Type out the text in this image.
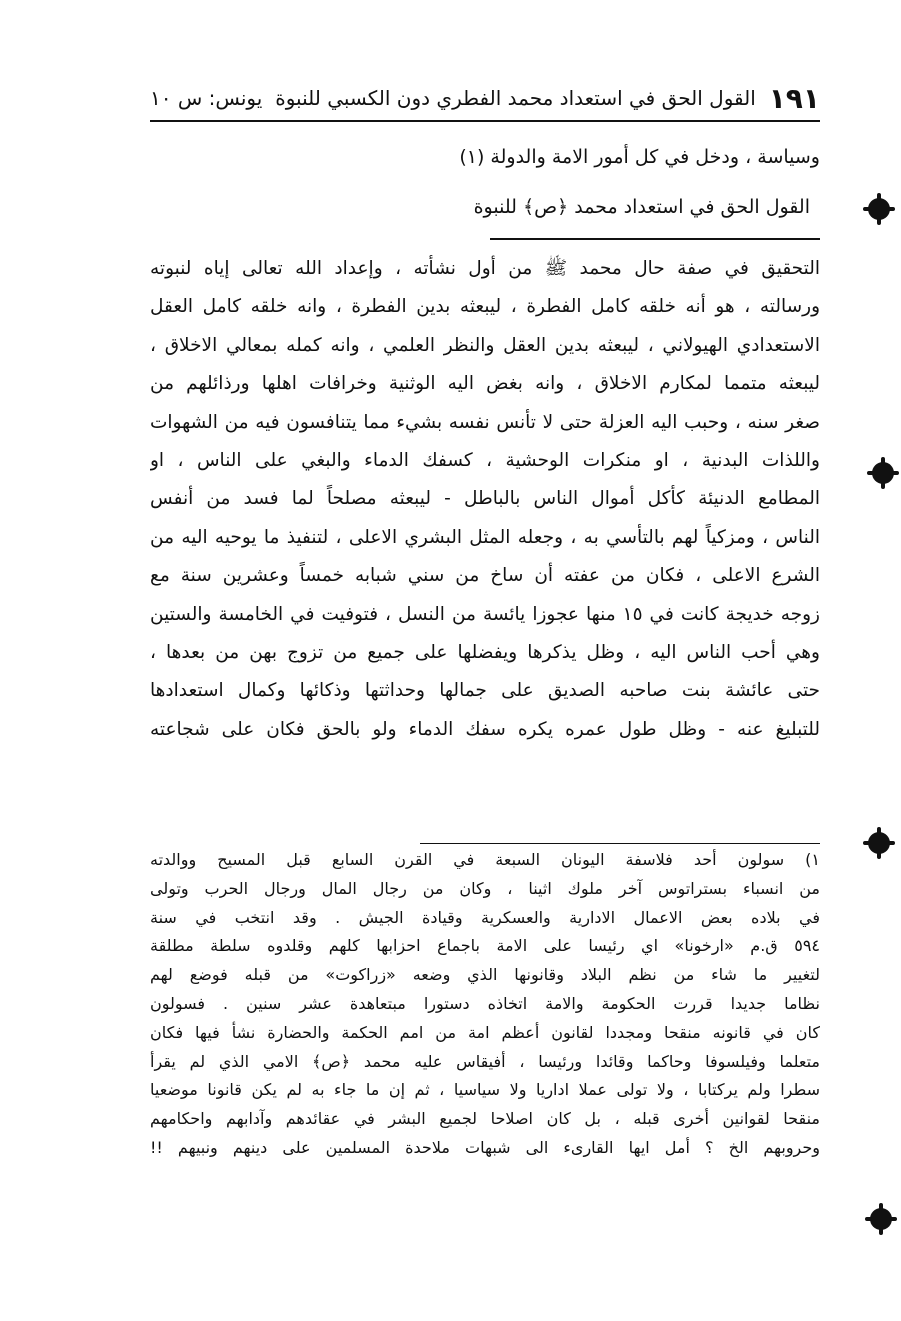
يونس: س ١٠ القول الحق في استعداد محمد الفطري دون الكسبي للنبوة ١٩١
وسياسة ، ودخل في كل أمور الامة والدولة (١)
القول الحق في استعداد محمد ﴿ص﴾ للنبوة
التحقيق في صفة حال محمد ﷺ من أول نشأته ، وإعداد الله تعالى إياه لنبوته
ورسالته ، هو أنه خلقه كامل الفطرة ، ليبعثه بدين الفطرة ، وانه خلقه كامل العقل
الاستعدادي الهيولاني ، ليبعثه بدين العقل والنظر العلمي ، وانه كمله بمعالي الاخلاق ،
ليبعثه متمما لمكارم الاخلاق ، وانه بغض اليه الوثنية وخرافات اهلها ورذائلهم من
صغر سنه ، وحبب اليه العزلة حتى لا تأنس نفسه بشيء مما يتنافسون فيه من الشهوات
واللذات البدنية ، او منكرات الوحشية ، كسفك الدماء والبغي على الناس ، او
المطامع الدنيئة كأكل أموال الناس بالباطل - ليبعثه مصلحاً لما فسد من أنفس
الناس ، ومزكياً لهم بالتأسي به ، وجعله المثل البشري الاعلى ، لتنفيذ ما يوحيه اليه من
الشرع الاعلى ، فكان من عفته أن ساخ من سني شبابه خمساً وعشرين سنة مع
زوجه خديجة كانت في ١٥ منها عجوزا يائسة من النسل ، فتوفيت في الخامسة والستين
وهي أحب الناس اليه ، وظل يذكرها ويفضلها على جميع من تزوج بهن من بعدها ،
حتى عائشة بنت صاحبه الصديق على جمالها وحداثتها وذكائها وكمال استعدادها
للتبليغ عنه - وظل طول عمره يكره سفك الدماء ولو بالحق فكان على شجاعته
١) سولون أحد فلاسفة اليونان السبعة في القرن السابع قبل المسيح ووالدته
من انسباء بستراتوس آخر ملوك اثينا ، وكان من رجال المال ورجال الحرب وتولى
في بلاده بعض الاعمال الادارية والعسكرية وقيادة الجيش . وقد انتخب في سنة
٥٩٤ ق.م «ارخونا» اي رئيسا على الامة باجماع احزابها كلهم وقلدوه سلطة مطلقة
لتغيير ما شاء من نظم البلاد وقانونها الذي وضعه «زراكوت» من قبله فوضع لهم
نظاما جديدا قررت الحكومة والامة اتخاذه دستورا مبتعاهدة عشر سنين . فسولون
كان في قانونه منقحا ومجددا لقانون أعظم امة من امم الحكمة والحضارة نشأ فيها فكان
متعلما وفيلسوفا وحاكما وقائدا ورئيسا ، أفيقاس عليه محمد ﴿ص﴾ الامي الذي لم يقرأ
سطرا ولم يركتابا ، ولا تولى عملا اداريا ولا سياسيا ، ثم إن ما جاء به لم يكن قانونا موضعيا
منقحا لقوانين أخرى قبله ، بل كان اصلاحا لجميع البشر في عقائدهم وآدابهم واحكامهم
وحروبهم الخ ؟ أمل ايها القارىء الى شبهات ملاحدة المسلمين على دينهم ونبيهم !!
